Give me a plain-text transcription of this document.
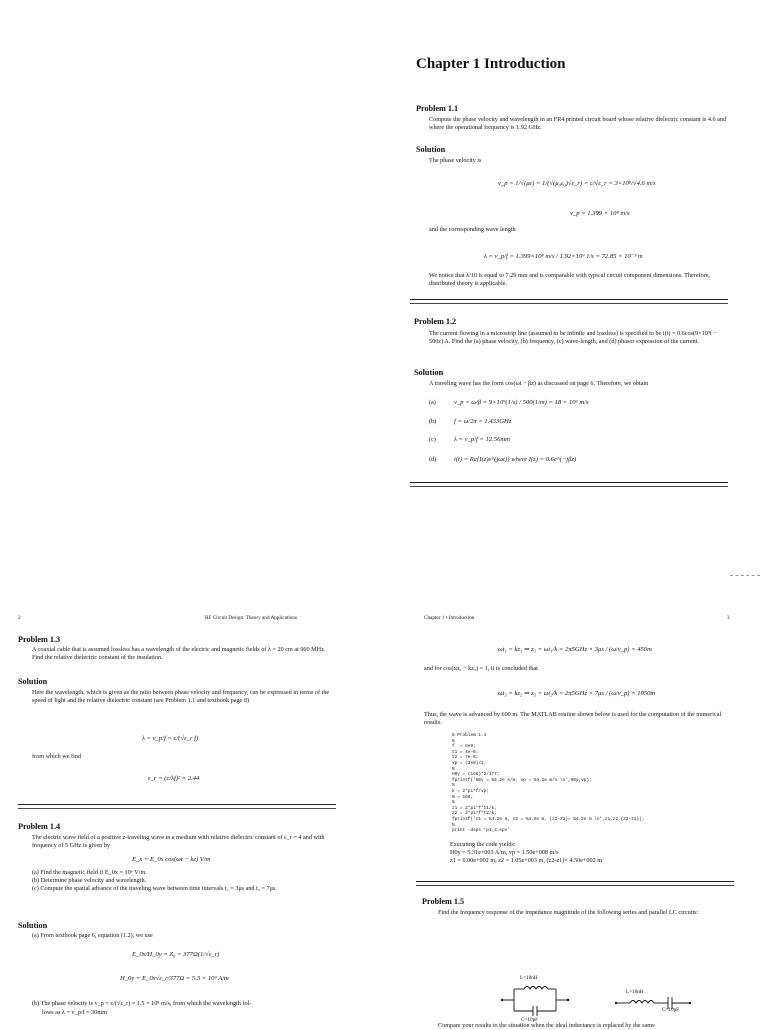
Chapter 1 Introduction
Problem 1.1
Compute the phase velocity and wavelength in an FR4 printed circuit board whose relative dielectric constant is 4.6 and where the operational frequency is 1.92 GHz.
Solution
The phase velocity is
v_p = 1/√(με) = 1/(√(μ₀ε₀)√ε_r) = c/√ε_r = 3×10⁸/√4.6 m/s
v_p = 1.399 × 10⁸ m/s
and the corresponding wave length
λ = v_p/f = 1.399×10⁸ m/s / 1.92×10⁹ 1/s = 72.85 × 10⁻³ m
We notice that λ/10 is equal to 7.29 mm and is comparable with typical circuit component dimensions. Therefore, distributed theory is applicable.
Problem 1.2
The current flowing in a microstrip line (assumed to be infinite and lossless) is specified to be i(t) = 0.6cos(9×10⁹t − 500z) A. Find the (a) phase velocity, (b) frequency, (c) wave-length, and (d) phasor expression of the current.
Solution
A traveling wave has the form cos(ωt − βz) as discussed on page 6. Therefore, we obtain
(a)	v_p = ω/β = 9×10⁹(1/s) / 500(1/m) = 18 × 10⁶ m/s
(b)	f = ω/2π = 1.433GHz
(c)	λ = v_p/f = 12.56mm
(d)	i(t) = Re{I(z)e^(jωt)} where I(z) = 0.6e^(−jβz)
2	RF Circuit Design: Theory and Applications
Problem 1.3
A coaxial cable that is assumed lossless has a wavelength of the electric and magnetic fields of λ = 20 cm at 960 MHz. Find the relative dielectric constant of the insulation.
Solution
Here the wavelength, which is given as the ratio between phase velocity and frequency, can be expressed in terms of the speed of light and the relative dielectric constant (see Problem 1.1 and textbook page 8)
λ = v_p/f = c/(√ε_r f)
from which we find
ε_r = (c/λf)² = 2.44
Problem 1.4
The electric wave field of a positive z-traveling wave in a medium with relative dielectric constant of ε_r = 4 and with frequency of 5 GHz is given by
E_x = E_0x cos(ωt − kz) V/m
(a) Find the magnetic field if E_0x = 10⁶ V/m.
(b) Determine phase velocity and wavelength.
(c) Compute the spatial advance of the traveling wave between time intervals t₁ = 3μs and t₂ = 7μs.
Solution
(a) From textbook page 6, equation (1.2), we use
E_0x/H_0y = Z₀ = 377Ω(1/√ε_r)
H_0y = E_0x√ε_r/377Ω = 5.3 × 10³ A/m
(b) The phase velocity is v_p = c/(√ε_r) = 1.5 × 10⁸ m/s, from which the wavelength fol-
lows as λ = v_p/f = 30mm
Chapter 1 • Introduction	3
ωt₁ = kz₁ ⇒ z₁ = ωt₁/k = 2π5GHz × 3μs / (ω/v_p) = 450m
and for cos(ωt₂ − kz₂) = 1, it is concluded that
ωt₂ = kz₂ ⇒ z₂ = ωt₂/k = 2π5GHz × 7μs / (ω/v_p) = 1050m
Thus, the wave is advanced by 600 m. The MATLAB routine shown below is used for the computation of the numerical results.
% Problem 1.4
%
f  = 5e9;
t1 = 4e-6;
t2 = 7e-6;
vp = (3e8)/2;
%
H0y = (1e6)*2/377;
fprintf('H0y = %4.2e A/m, vp = %4.2e m/s \n',H0y,vp);
%
k = 2*pi*f/vp;
N = 100;
%
z1 = 2*pi*f*t1/k;
z2 = 2*pi*f*t2/k;
fprintf('z1 = %4.2e m, z2 = %4.2e m, (z2-z1)= %4.2e m \n',z1,z2,(z2-z1));
%
print -deps 'p1_4.eps'
Executing the code yields:
H0y = 5.31e+003 A/m, vp = 1.50e+008 m/s
z1 = 6.00e+002 m, z2 = 1.05e+003 m, (z2-z1)= 4.50e+002 m
Problem 1.5
Find the frequency response of the impedance magnitude of the following series and parallel LC circuits:
L=10nH
C=10pF
L=10nH
C=10pF
Compare your results to the situation when the ideal inductance is replaced by the same
